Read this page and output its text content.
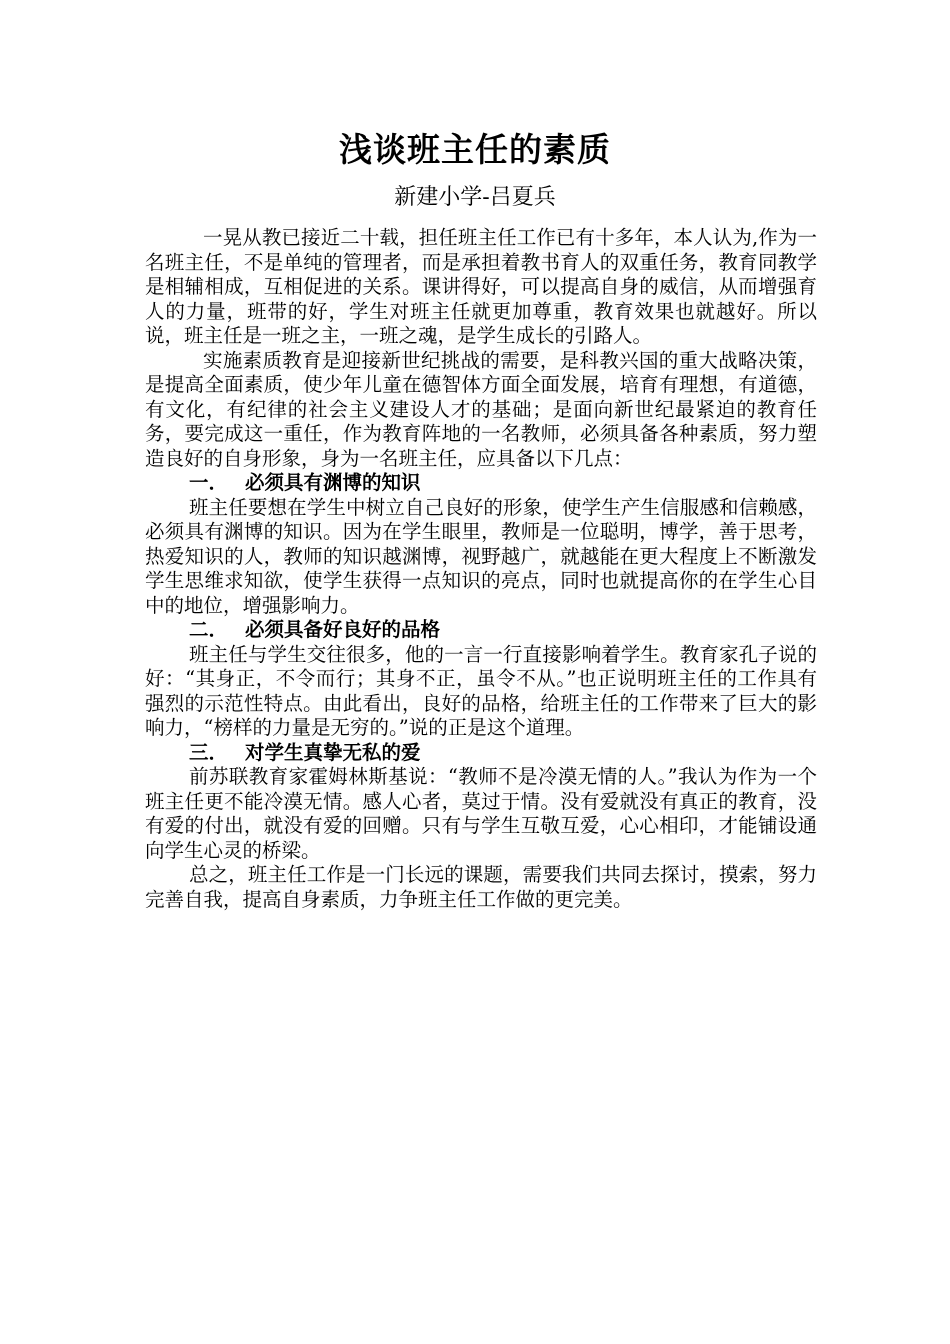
浅谈班主任的素质
新建小学-吕夏兵

一晃从教已接近二十载，担任班主任工作已有十多年，本人认为,作为一名班主任，不是单纯的管理者，而是承担着教书育人的双重任务，教育同教学是相辅相成，互相促进的关系。课讲得好，可以提高自身的威信，从而增强育人的力量，班带的好，学生对班主任就更加尊重，教育效果也就越好。所以说，班主任是一班之主，一班之魂，是学生成长的引路人。

实施素质教育是迎接新世纪挑战的需要，是科教兴国的重大战略决策，是提高全面素质，使少年儿童在德智体方面全面发展，培育有理想，有道德，有文化，有纪律的社会主义建设人才的基础；是面向新世纪最紧迫的教育任务，要完成这一重任，作为教育阵地的一名教师，必须具备各种素质，努力塑造良好的自身形象，身为一名班主任，应具备以下几点：

一． 必须具有渊博的知识

班主任要想在学生中树立自己良好的形象，使学生产生信服感和信赖感，必须具有渊博的知识。因为在学生眼里，教师是一位聪明，博学，善于思考，热爱知识的人，教师的知识越渊博，视野越广，就越能在更大程度上不断激发学生思维求知欲，使学生获得一点知识的亮点，同时也就提高你的在学生心目中的地位，增强影响力。

二． 必须具备好良好的品格

班主任与学生交往很多，他的一言一行直接影响着学生。教育家孔子说的好：“其身正，不令而行；其身不正，虽令不从。”也正说明班主任的工作具有强烈的示范性特点。由此看出，良好的品格，给班主任的工作带来了巨大的影响力，“榜样的力量是无穷的。”说的正是这个道理。

三． 对学生真挚无私的爱

前苏联教育家霍姆林斯基说：“教师不是冷漠无情的人。”我认为作为一个班主任更不能冷漠无情。感人心者，莫过于情。没有爱就没有真正的教育，没有爱的付出，就没有爱的回赠。只有与学生互敬互爱，心心相印，才能铺设通向学生心灵的桥梁。

总之，班主任工作是一门长远的课题，需要我们共同去探讨，摸索，努力完善自我，提高自身素质，力争班主任工作做的更完美。
